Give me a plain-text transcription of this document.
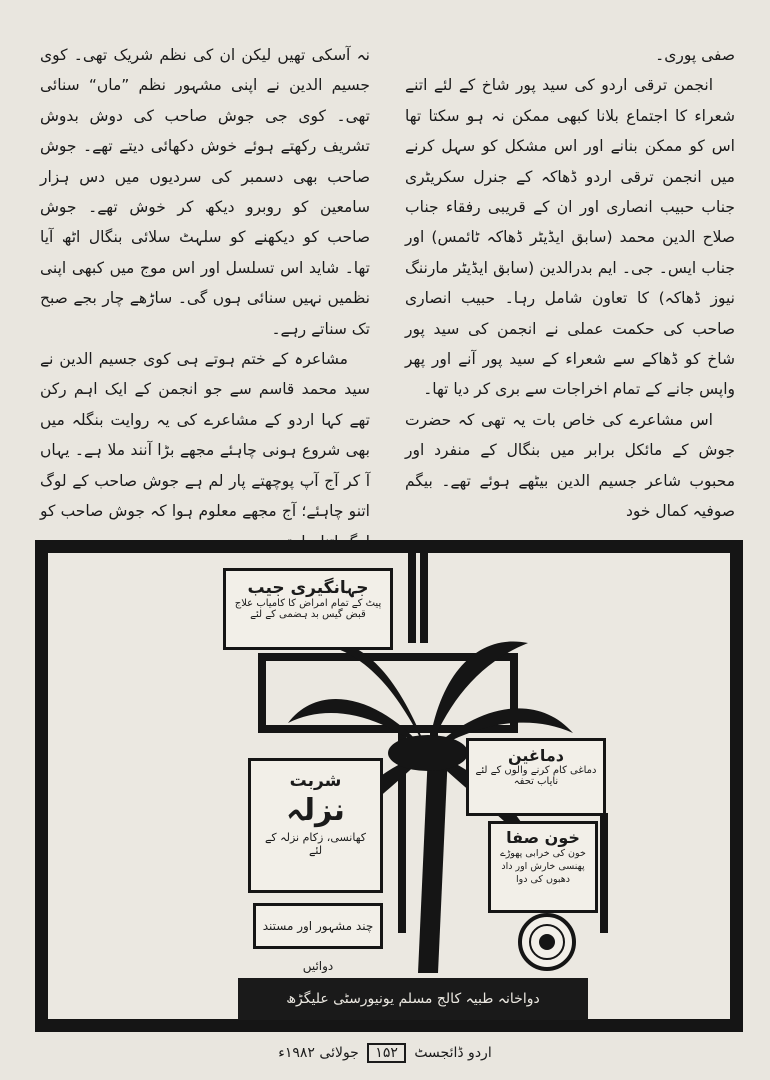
صفی پوری۔

انجمن ترقی اردو کی سید پور شاخ کے لئے اتنے شعراء کا اجتماع بلانا کبھی ممکن نہ ہو سکتا تھا اس کو ممکن بنانے اور اس مشکل کو سہل کرنے میں انجمن ترقی اردو ڈھاکہ کے جنرل سکریٹری جناب حبیب انصاری اور ان کے قریبی رفقاء جناب صلاح الدین محمد (سابق ایڈیٹر ڈھاکہ ٹائمس) اور جناب ایس۔ جی۔ ایم بدرالدین (سابق ایڈیٹر مارننگ نیوز ڈھاکہ) کا تعاون شامل رہا۔ حبیب انصاری صاحب کی حکمت عملی نے انجمن کی سید پور شاخ کو ڈھاکے سے شعراء کے سید پور آنے اور پھر واپس جانے کے تمام اخراجات سے بری کر دیا تھا۔

اس مشاعرے کی خاص بات یہ تھی کہ حضرت جوش کے مائکل برابر میں بنگال کے منفرد اور محبوب شاعر جسیم الدین بیٹھے ہوئے تھے۔ بیگم صوفیہ کمال خود

نہ آسکی تھیں لیکن ان کی نظم شریک تھی۔ کوی جسیم الدین نے اپنی مشہور نظم ”ماں“ سنائی تھی۔ کوی جی جوش صاحب کی دوش بدوش تشریف رکھتے ہوئے خوش دکھائی دیتے تھے۔ جوش صاحب بھی دسمبر کی سردیوں میں دس ہزار سامعین کو روبرو دیکھ کر خوش تھے۔ جوش صاحب کو دیکھنے کو سلہٹ سلائی بنگال اٹھ آیا تھا۔ شاید اس تسلسل اور اس موج میں کبھی اپنی نظمیں نہیں سنائی ہوں گی۔ ساڑھے چار بجے صبح تک سناتے رہے۔

مشاعرہ کے ختم ہوتے ہی کوی جسیم الدین نے سید محمد قاسم سے جو انجمن کے ایک اہم رکن تھے کہا اردو کے مشاعرے کی یہ روایت بنگلہ میں بھی شروع ہونی چاہئے مجھے بڑا آنند ملا ہے۔ یہاں آ کر آج آپ پوچھتے پار لم ہے جوش صاحب کے لوگ اتنو چاہئے؛ آج مجھے معلوم ہوا کہ جوش صاحب کو

جہانگیری جیب
پیٹ کے تمام امراض کا کامیاب علاج
قبض گیس بد ہضمی کے لئے
شربت
نزلہ
کھانسی، زکام نزلہ کے لئے
چند مشہور اور مستند دوائیں
دماغین
دماغی کام کرنے والوں کے لئے نایاب تحفہ
خون صفا
خون کی خرابی پھوڑے پھنسی خارش اور داد دھبوں کی دوا
دواخانہ طبیہ کالج مسلم یونیورسٹی علیگڑھ
اردو ڈائجسٹ ۱۵۲ جولائی ۱۹۸۲ء
